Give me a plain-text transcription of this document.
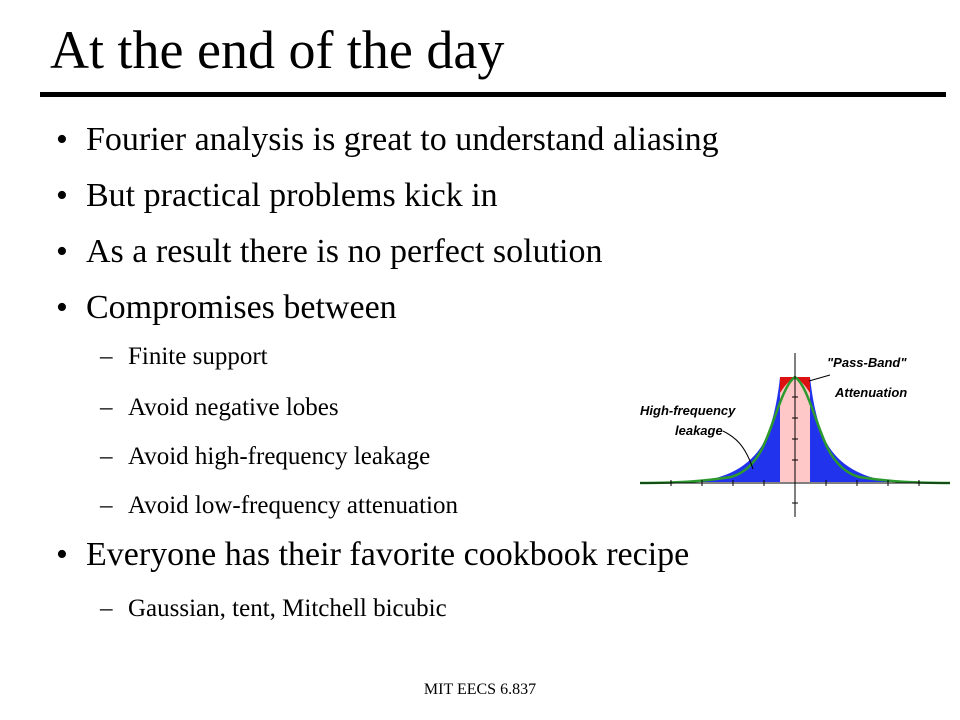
At the end of the day
• Fourier analysis is great to understand aliasing
• But practical problems kick in
• As a result there is no perfect solution
• Compromises between
– Finite support
– Avoid negative lobes
– Avoid high-frequency leakage
– Avoid low-frequency attenuation
• Everyone has their favorite cookbook recipe
– Gaussian, tent, Mitchell bicubic
"Pass-Band"
Attenuation
High-frequency
leakage
MIT EECS 6.837
